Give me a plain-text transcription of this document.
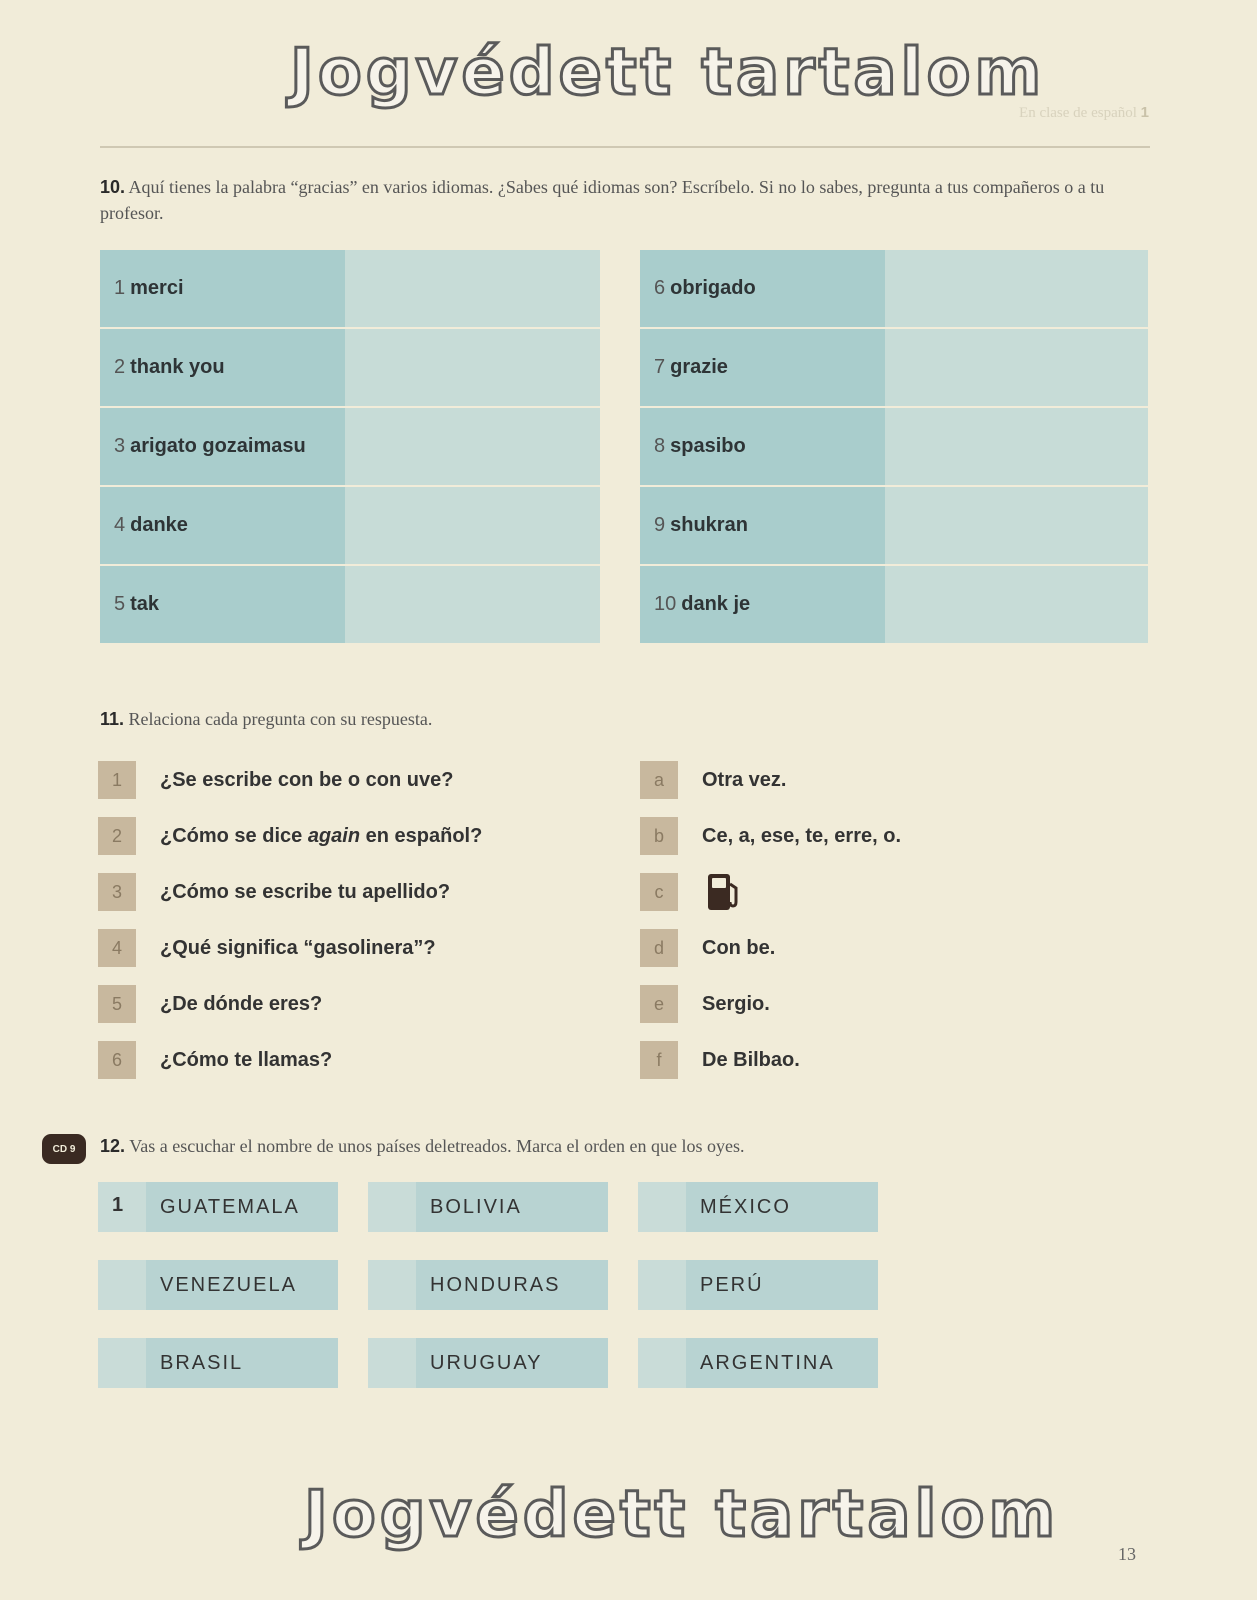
Jogvédett tartalom
En clase de español 1
10. Aquí tienes la palabra “gracias” en varios idiomas. ¿Sabes qué idiomas son? Escríbelo. Si no lo sabes, pregunta a tus compañeros o a tu profesor.
1 merci
2 thank you
3 arigato gozaimasu
4 danke
5 tak
6 obrigado
7 grazie
8 spasibo
9 shukran
10 dank je
11. Relaciona cada pregunta con su respuesta.
1	¿Se escribe con be o con uve?
2	¿Cómo se dice again en español?
3	¿Cómo se escribe tu apellido?
4	¿Qué significa “gasolinera”?
5	¿De dónde eres?
6	¿Cómo te llamas?
a	Otra vez.
b	Ce, a, ese, te, erre, o.
c
d	Con be.
e	Sergio.
f	De Bilbao.
CD 9	12. Vas a escuchar el nombre de unos países deletreados. Marca el orden en que los oyes.
1	GUATEMALA	BOLIVIA	MÉXICO
VENEZUELA	HONDURAS	PERÚ
BRASIL	URUGUAY	ARGENTINA
Jogvédett tartalom
13
